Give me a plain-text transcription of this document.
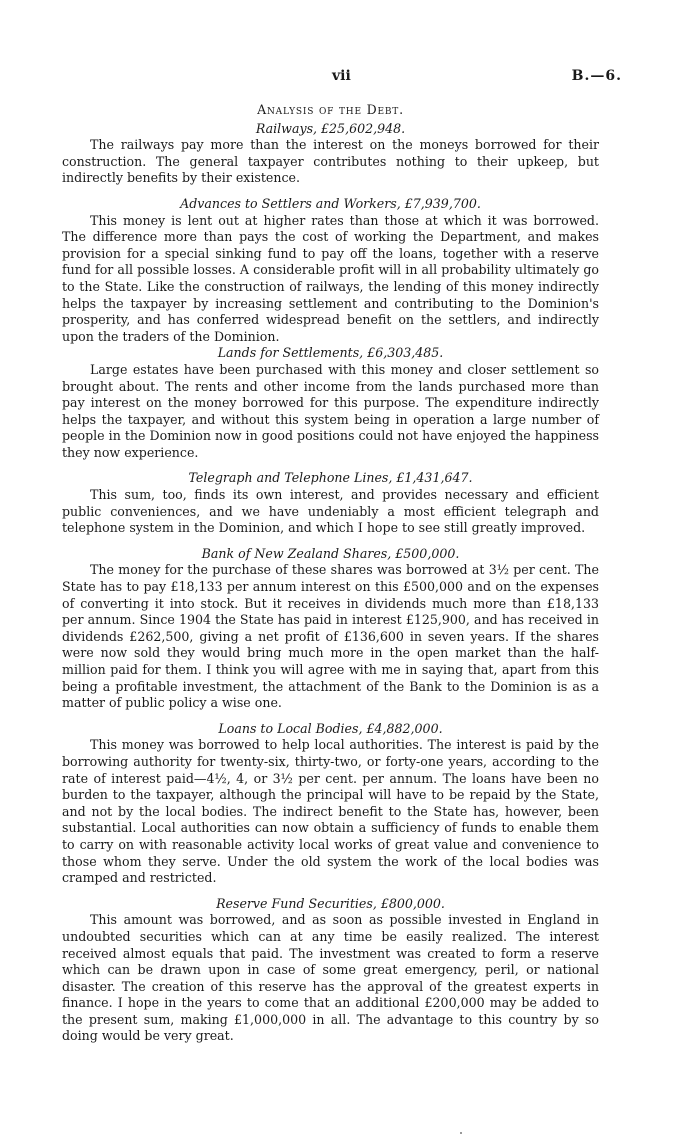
vii	B.—6.

Analysis of the Debt.

Railways, £25,602,948.

The railways pay more than the interest on the moneys borrowed for their construction. The general taxpayer contributes nothing to their upkeep, but indirectly benefits by their existence.

Advances to Settlers and Workers, £7,939,700.

This money is lent out at higher rates than those at which it was borrowed. The difference more than pays the cost of working the Department, and makes provision for a special sinking fund to pay off the loans, together with a reserve fund for all possible losses. A considerable profit will in all probability ultimately go to the State. Like the construction of railways, the lending of this money indirectly helps the taxpayer by increasing settlement and contributing to the Dominion's prosperity, and has conferred widespread benefit on the settlers, and indirectly upon the traders of the Dominion.

Lands for Settlements, £6,303,485.

Large estates have been purchased with this money and closer settlement so brought about. The rents and other income from the lands purchased more than pay interest on the money borrowed for this purpose. The expenditure indirectly helps the taxpayer, and without this system being in operation a large number of people in the Dominion now in good positions could not have enjoyed the happiness they now experience.

Telegraph and Telephone Lines, £1,431,647.

This sum, too, finds its own interest, and provides necessary and efficient public conveniences, and we have undeniably a most efficient telegraph and telephone system in the Dominion, and which I hope to see still greatly improved.

Bank of New Zealand Shares, £500,000.

The money for the purchase of these shares was borrowed at 3½ per cent. The State has to pay £18,133 per annum interest on this £500,000 and on the expenses of converting it into stock. But it receives in dividends much more than £18,133 per annum. Since 1904 the State has paid in interest £125,900, and has received in dividends £262,500, giving a net profit of £136,600 in seven years. If the shares were now sold they would bring much more in the open market than the half-million paid for them. I think you will agree with me in saying that, apart from this being a profitable investment, the attachment of the Bank to the Dominion is as a matter of public policy a wise one.

Loans to Local Bodies, £4,882,000.

This money was borrowed to help local authorities. The interest is paid by the borrowing authority for twenty-six, thirty-two, or forty-one years, according to the rate of interest paid—4½, 4, or 3½ per cent. per annum. The loans have been no burden to the taxpayer, although the principal will have to be repaid by the State, and not by the local bodies. The indirect benefit to the State has, however, been substantial. Local authorities can now obtain a sufficiency of funds to enable them to carry on with reasonable activity local works of great value and convenience to those whom they serve. Under the old system the work of the local bodies was cramped and restricted.

Reserve Fund Securities, £800,000.

This amount was borrowed, and as soon as possible invested in England in undoubted securities which can at any time be easily realized. The interest received almost equals that paid. The investment was created to form a reserve which can be drawn upon in case of some great emergency, peril, or national disaster. The creation of this reserve has the approval of the greatest experts in finance. I hope in the years to come that an additional £200,000 may be added to the present sum, making £1,000,000 in all. The advantage to this country by so doing would be very great.
